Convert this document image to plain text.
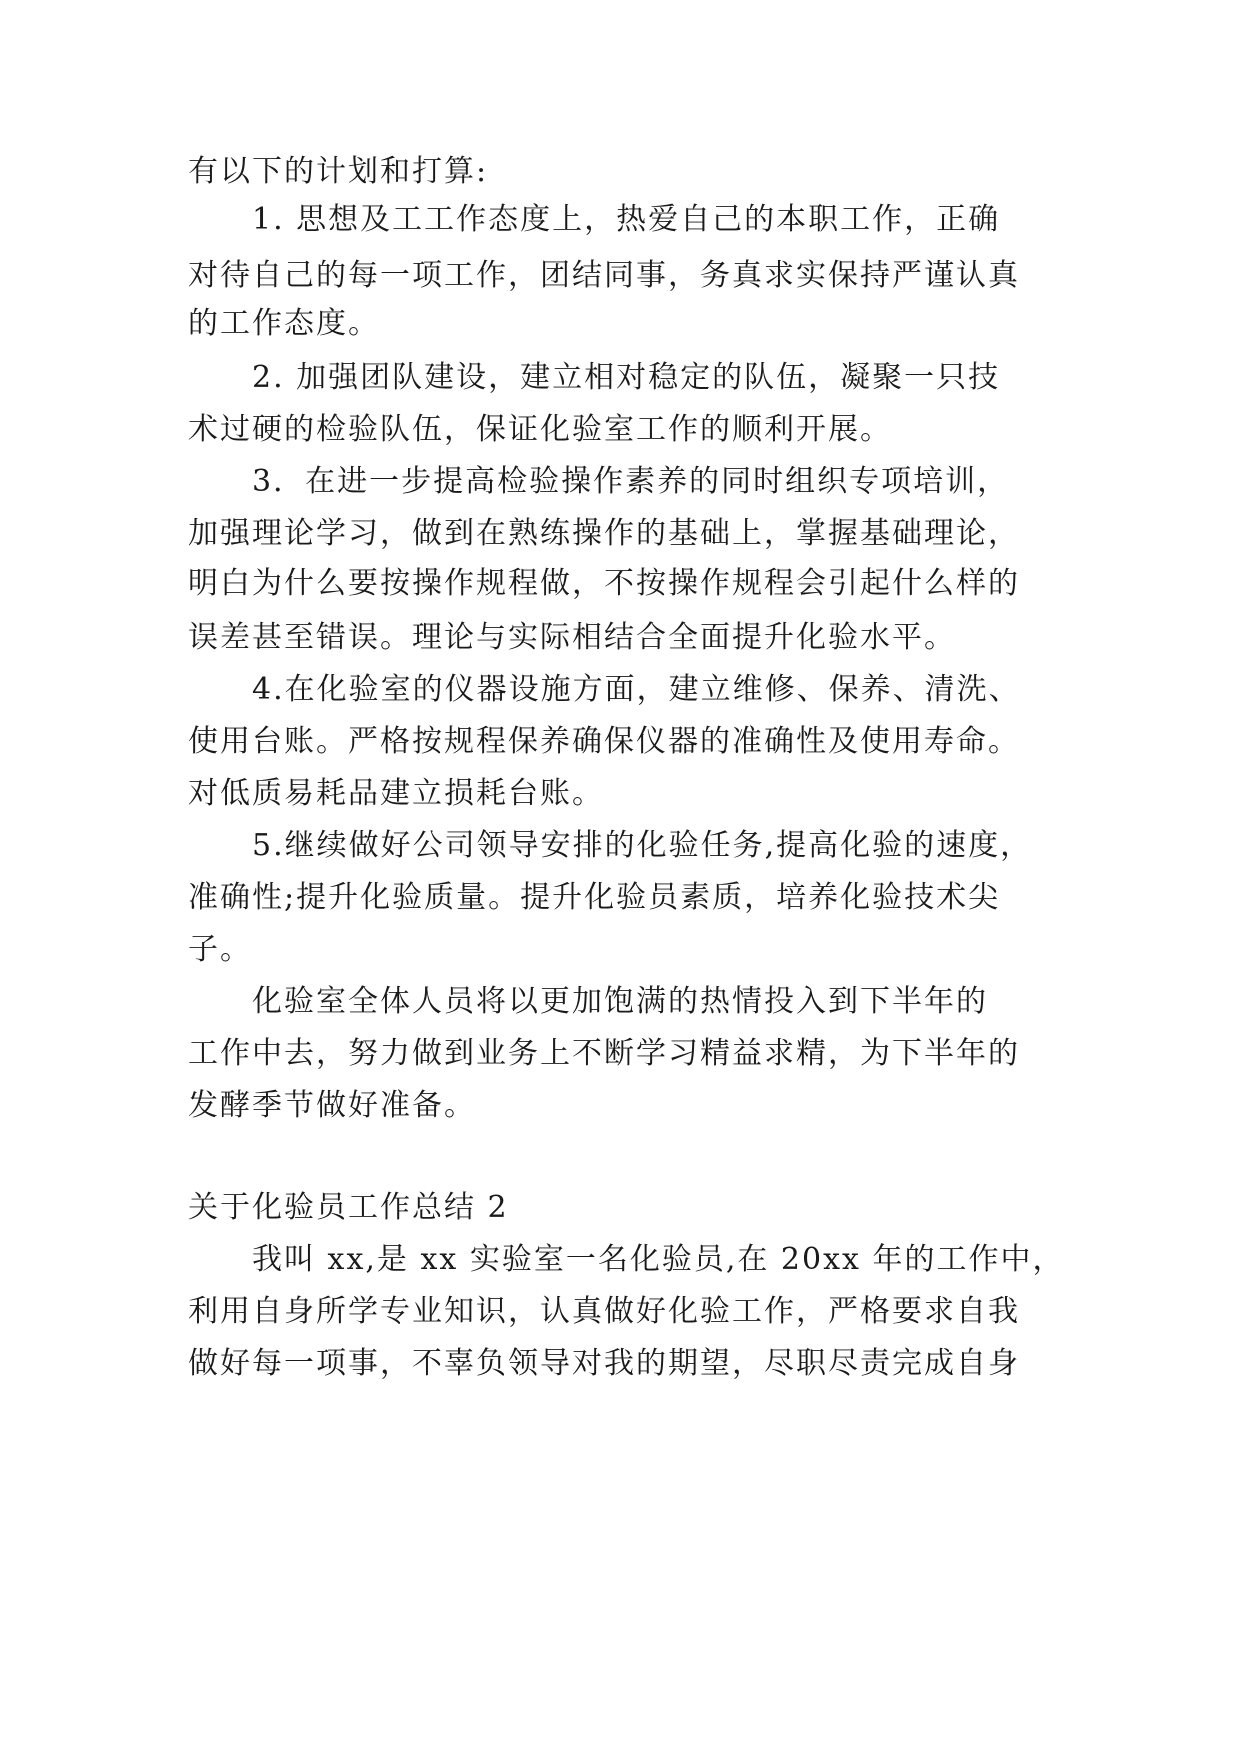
有以下的计划和打算:
1. 思想及工工作态度上，热爱自己的本职工作，正确
对待自己的每一项工作，团结同事，务真求实保持严谨认真
的工作态度。
2. 加强团队建设，建立相对稳定的队伍，凝聚一只技
术过硬的检验队伍，保证化验室工作的顺利开展。
3．在进一步提高检验操作素养的同时组织专项培训，
加强理论学习，做到在熟练操作的基础上，掌握基础理论，
明白为什么要按操作规程做，不按操作规程会引起什么样的
误差甚至错误。理论与实际相结合全面提升化验水平。
4.在化验室的仪器设施方面，建立维修、保养、清洗、
使用台账。严格按规程保养确保仪器的准确性及使用寿命。
对低质易耗品建立损耗台账。
5.继续做好公司领导安排的化验任务,提高化验的速度，
准确性;提升化验质量。提升化验员素质，培养化验技术尖
子。
化验室全体人员将以更加饱满的热情投入到下半年的
工作中去，努力做到业务上不断学习精益求精，为下半年的
发酵季节做好准备。
关于化验员工作总结 2
我叫 xx,是 xx 实验室一名化验员,在 20xx 年的工作中，
利用自身所学专业知识，认真做好化验工作，严格要求自我
做好每一项事，不辜负领导对我的期望，尽职尽责完成自身
